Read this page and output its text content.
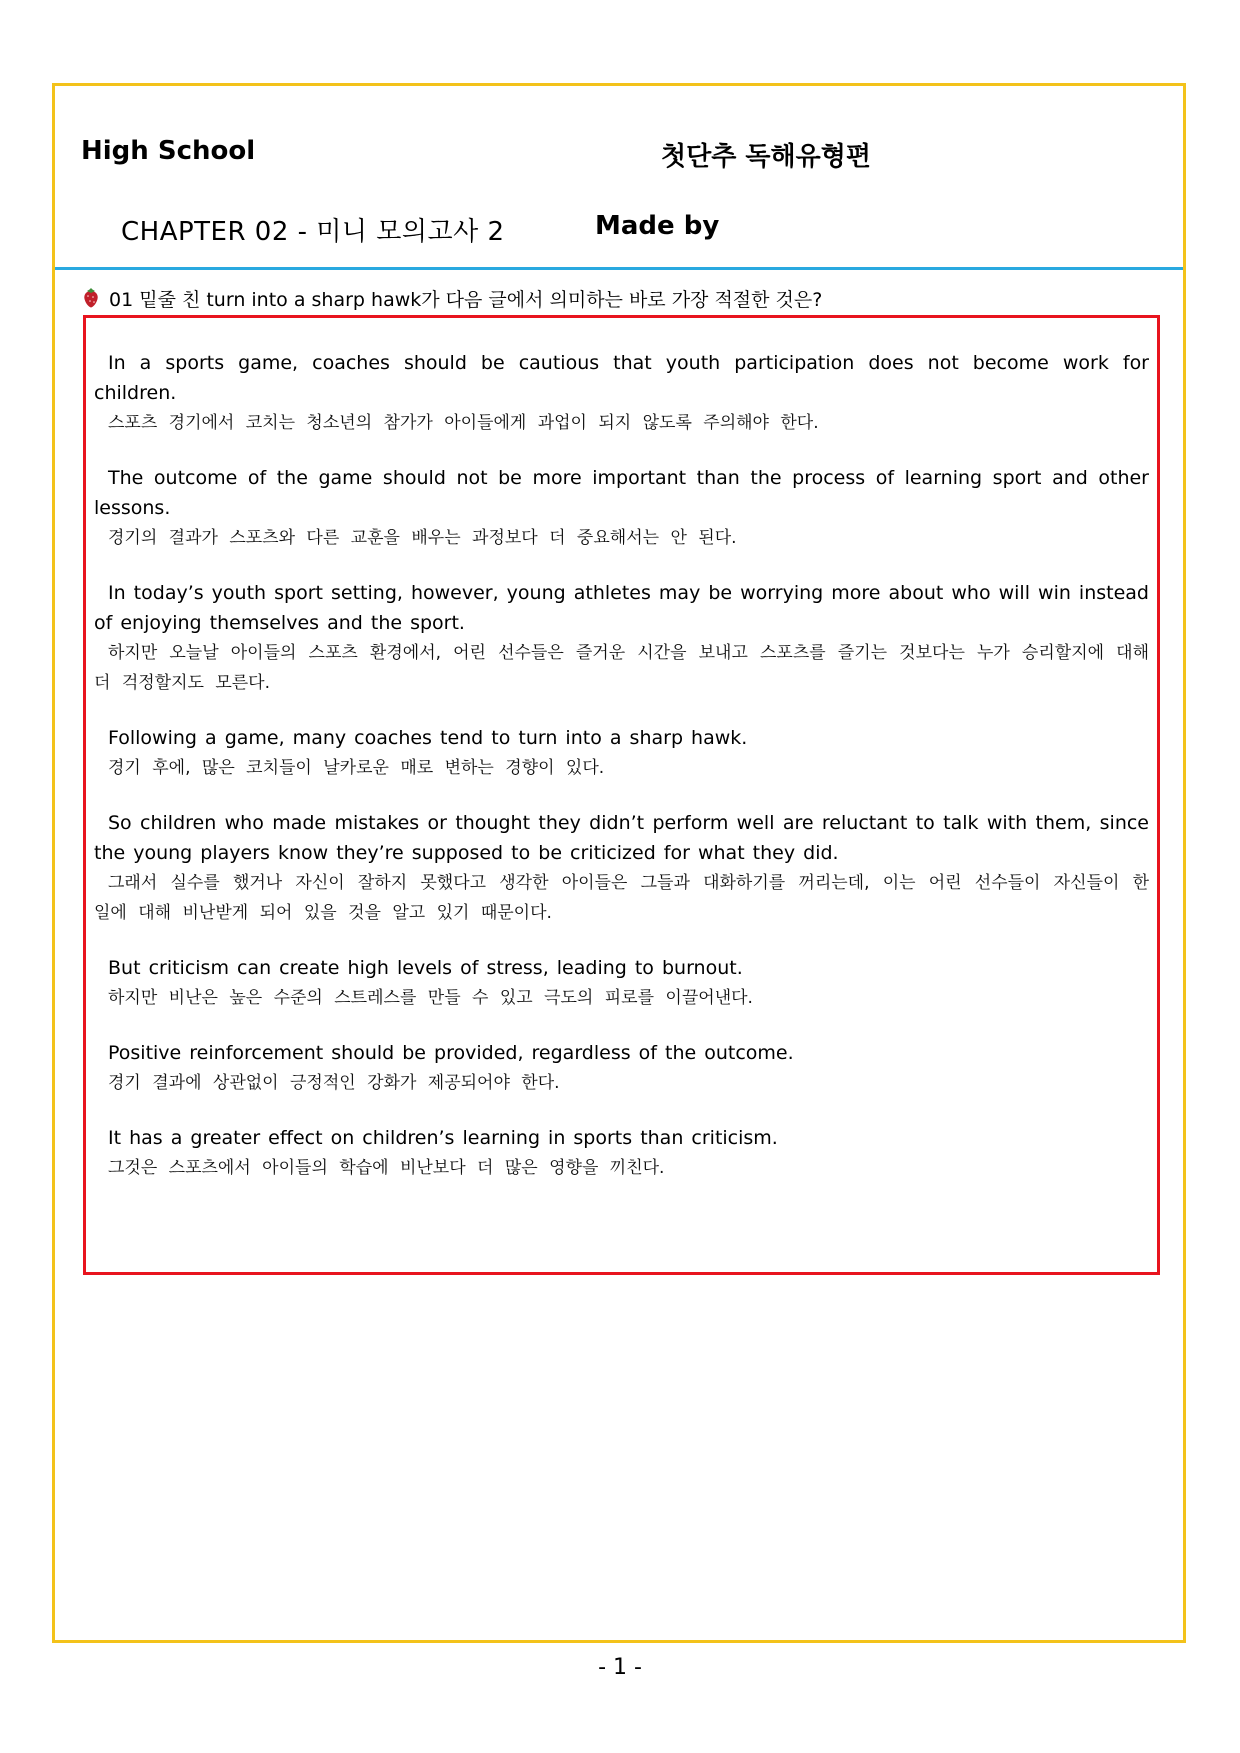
High School	첫단추 독해유형편
CHAPTER 02 - 미니 모의고사 2	Made by
01 밑줄 친 turn into a sharp hawk가 다음 글에서 의미하는 바로 가장 적절한 것은?
In a sports game, coaches should be cautious that youth participation does not become work for children.
스포츠 경기에서 코치는 청소년의 참가가 아이들에게 과업이 되지 않도록 주의해야 한다.
The outcome of the game should not be more important than the process of learning sport and other lessons.
경기의 결과가 스포츠와 다른 교훈을 배우는 과정보다 더 중요해서는 안 된다.
In today’s youth sport setting, however, young athletes may be worrying more about who will win instead of enjoying themselves and the sport.
하지만 오늘날 아이들의 스포츠 환경에서, 어린 선수들은 즐거운 시간을 보내고 스포츠를 즐기는 것보다는 누가 승리할지에 대해 더 걱정할지도 모른다.
Following a game, many coaches tend to turn into a sharp hawk.
경기 후에, 많은 코치들이 날카로운 매로 변하는 경향이 있다.
So children who made mistakes or thought they didn’t perform well are reluctant to talk with them, since the young players know they’re supposed to be criticized for what they did.
그래서 실수를 했거나 자신이 잘하지 못했다고 생각한 아이들은 그들과 대화하기를 꺼리는데, 이는 어린 선수들이 자신들이 한 일에 대해 비난받게 되어 있을 것을 알고 있기 때문이다.
But criticism can create high levels of stress, leading to burnout.
하지만 비난은 높은 수준의 스트레스를 만들 수 있고 극도의 피로를 이끌어낸다.
Positive reinforcement should be provided, regardless of the outcome.
경기 결과에 상관없이 긍정적인 강화가 제공되어야 한다.
It has a greater effect on children’s learning in sports than criticism.
그것은 스포츠에서 아이들의 학습에 비난보다 더 많은 영향을 끼친다.
- 1 -
